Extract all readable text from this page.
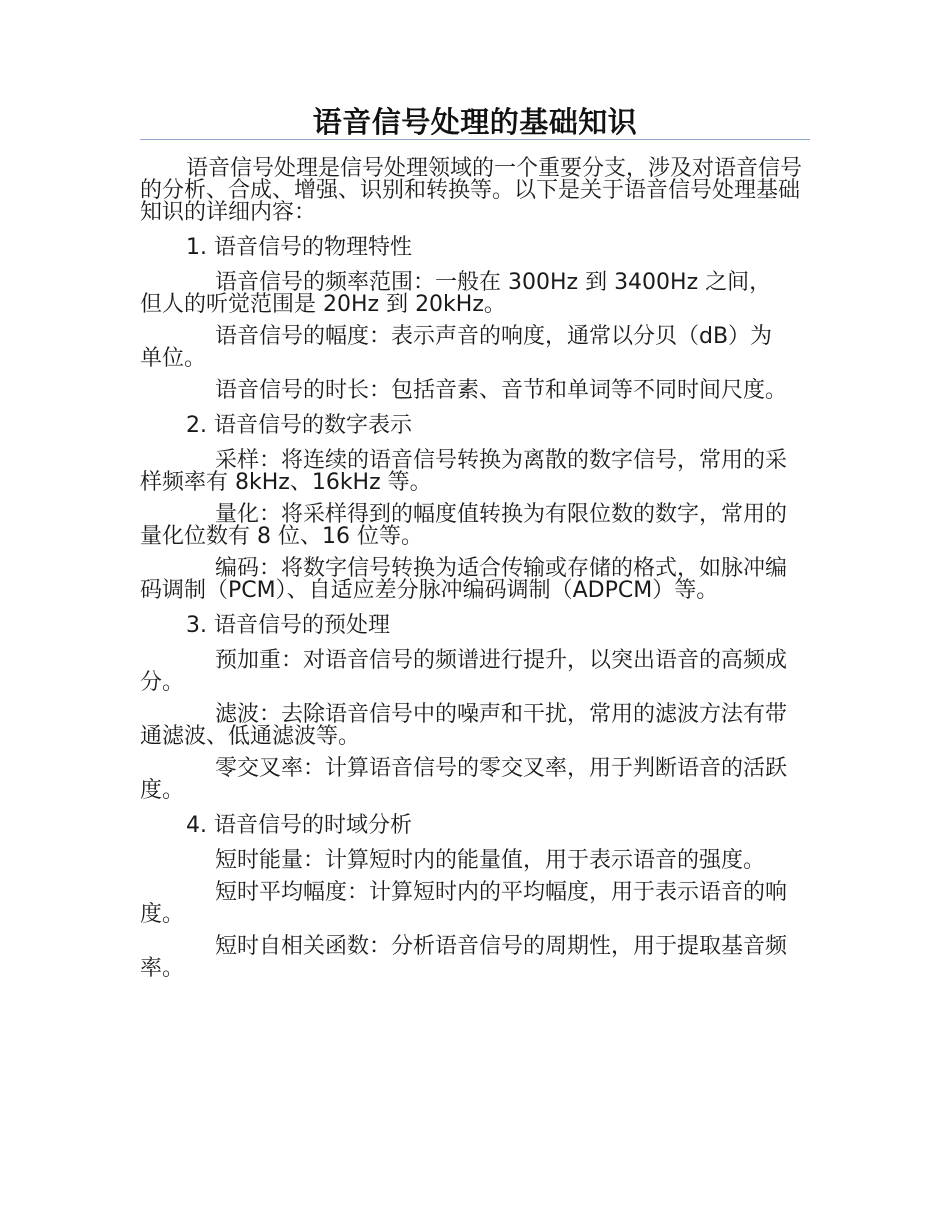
语音信号处理的基础知识

语音信号处理是信号处理领域的一个重要分支，涉及对语音信号的分析、合成、增强、识别和转换等。以下是关于语音信号处理基础知识的详细内容：

1. 语音信号的物理特性

语音信号的频率范围：一般在 300Hz 到 3400Hz 之间，但人的听觉范围是 20Hz 到 20kHz。

语音信号的幅度：表示声音的响度，通常以分贝（dB）为单位。

语音信号的时长：包括音素、音节和单词等不同时间尺度。

2. 语音信号的数字表示

采样：将连续的语音信号转换为离散的数字信号，常用的采样频率有 8kHz、16kHz 等。

量化：将采样得到的幅度值转换为有限位数的数字，常用的量化位数有 8 位、16 位等。

编码：将数字信号转换为适合传输或存储的格式，如脉冲编码调制（PCM）、自适应差分脉冲编码调制（ADPCM）等。

3. 语音信号的预处理

预加重：对语音信号的频谱进行提升，以突出语音的高频成分。

滤波：去除语音信号中的噪声和干扰，常用的滤波方法有带通滤波、低通滤波等。

零交叉率：计算语音信号的零交叉率，用于判断语音的活跃度。

4. 语音信号的时域分析

短时能量：计算短时内的能量值，用于表示语音的强度。

短时平均幅度：计算短时内的平均幅度，用于表示语音的响度。

短时自相关函数：分析语音信号的周期性，用于提取基音频率。
